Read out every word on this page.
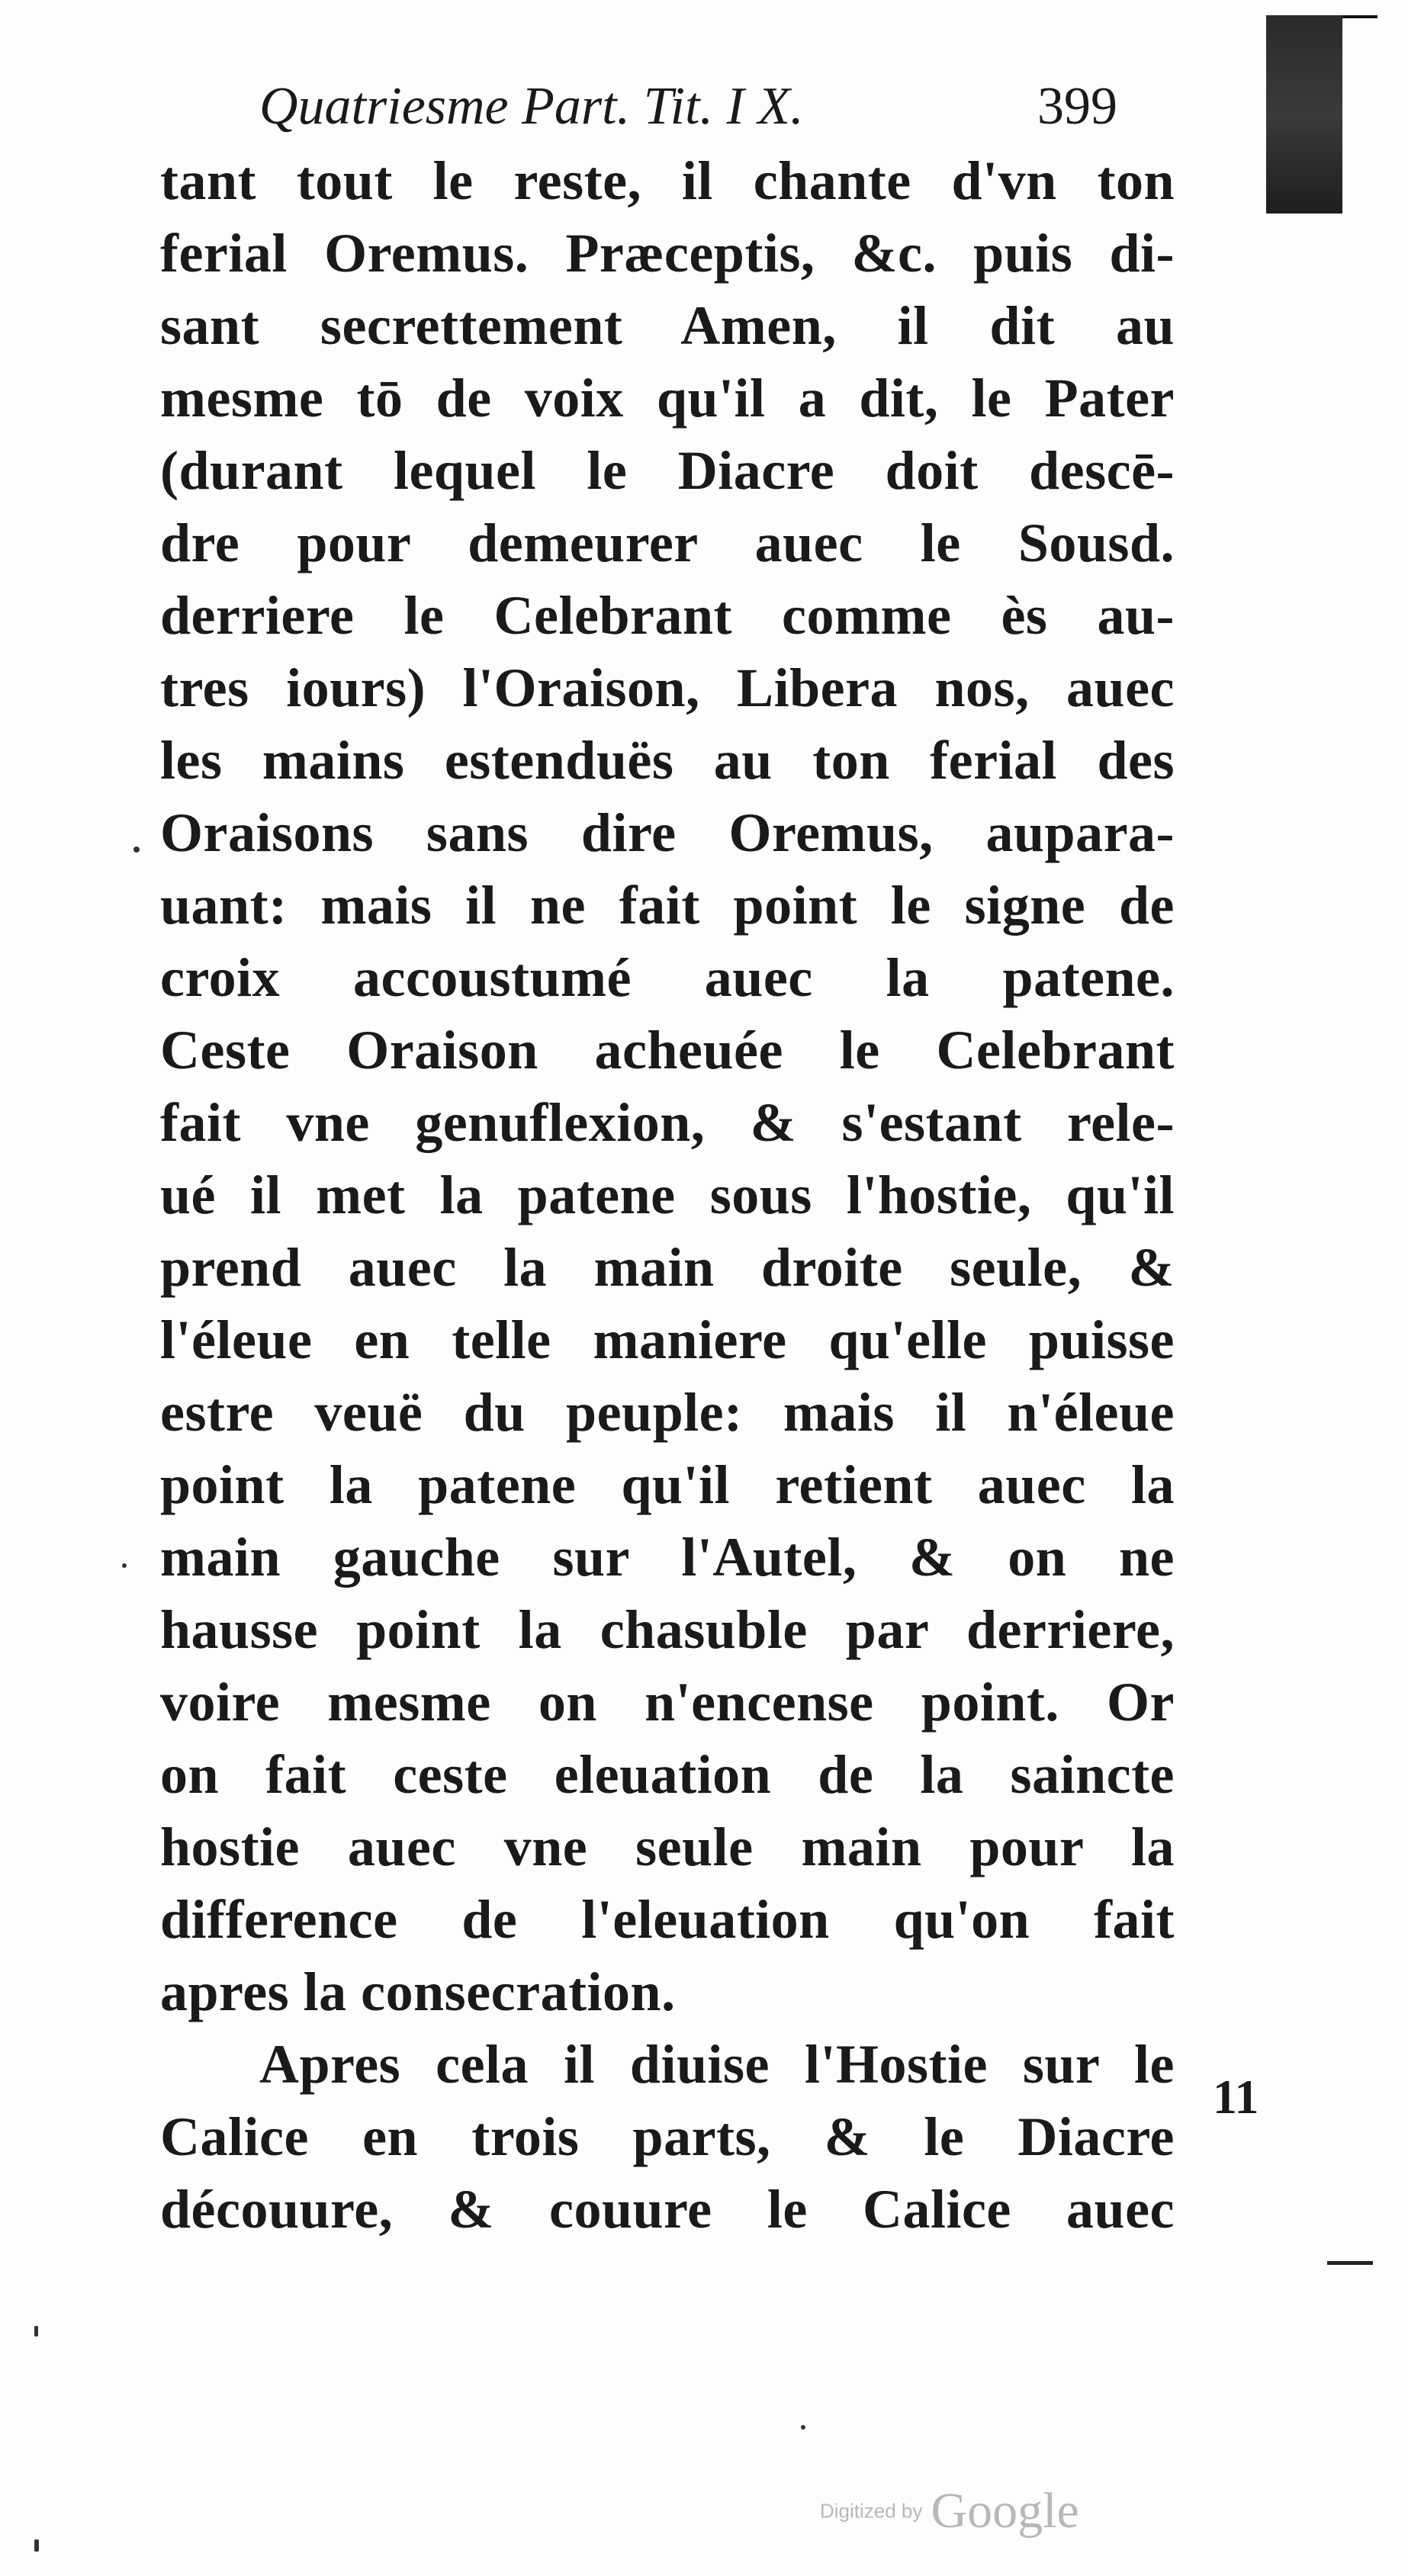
Quatriesme Part. Tit. I X.	399
tant tout le reste, il chante d'vn ton
ferial Oremus. Præceptis, &c. puis di-
sant secrettement Amen, il dit au
mesme tō de voix qu'il a dit, le Pater
(durant lequel le Diacre doit descē-
dre pour demeurer auec le Sousd.
derriere le Celebrant comme ès au-
tres iours) l'Oraison, Libera nos, auec
les mains estenduës au ton ferial des
Oraisons sans dire Oremus, aupara-
uant: mais il ne fait point le signe de
croix accoustumé auec la patene.
Ceste Oraison acheuée le Celebrant
fait vne genuflexion, & s'estant rele-
ué il met la patene sous l'hostie, qu'il
prend auec la main droite seule, &
l'éleue en telle maniere qu'elle puisse
estre veuë du peuple: mais il n'éleue
point la patene qu'il retient auec la
main gauche sur l'Autel, & on ne
hausse point la chasuble par derriere,
voire mesme on n'encense point. Or
on fait ceste eleuation de la saincte
hostie auec vne seule main pour la
difference de l'eleuation qu'on fait
apres la consecration.
Apres cela il diuise l'Hostie sur le
Calice en trois parts, & le Diacre
découure, & couure le Calice auec
11
Digitized by Google
